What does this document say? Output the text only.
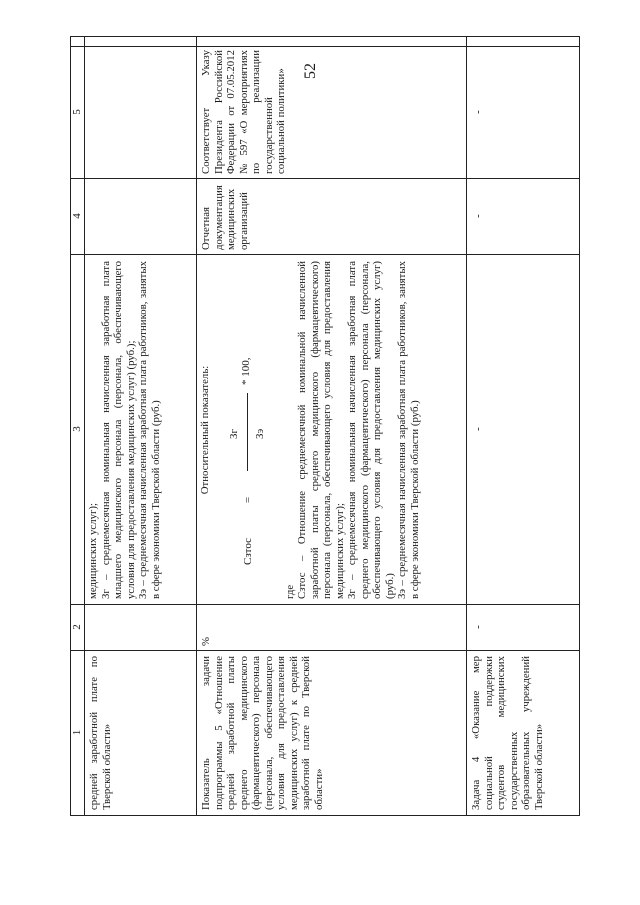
52
1
2
3
4
5
средней заработной плате по Тверской области»

медицинских услуг); Зг – среднемесячная номинальная начисленная заработная плата младшего медицинского персонала (персонала, обеспечивающего условия для предоставления медицинских услуг) (руб.); Зэ – среднемесячная начисленная заработная плата работников, занятых в сфере экономики Тверской области (руб.)

Показатель задачи подпрограммы 5 «Отношение средней заработной платы среднего медицинского (фармацевтического) персонала (персонала, обеспечивающего условия для предоставления медицинских услуг) к средней заработной плате по Тверской области»
%

Относительный показатель:

Сзтос
=
Зг Зэ
* 100,

где Сзтос – Отношение среднемесячной номинальной начисленной заработной платы среднего медицинского (фармацевтического) персонала (персонала, обеспечивающего условия для предоставления медицинских услуг); Зг – среднемесячная номинальная начисленная заработная плата среднего медицинского (фармацевтического) персонала (персонала, обеспечивающего условия для предоставления медицинских услуг) (руб.) Зэ – среднемесячная начисленная заработная плата работников, занятых в сфере экономики Тверской области (руб.)

Отчетная документация медицинских организаций
Соответствует Указу Президента Российской Федерации от 07.05.2012 № 597 «О мероприятиях по реализации государственной социальной политики»
Задача 4 «Оказание мер социальной поддержки студентов медицинских государственных образовательных учреждений Тверской области»
-
-
-
-
